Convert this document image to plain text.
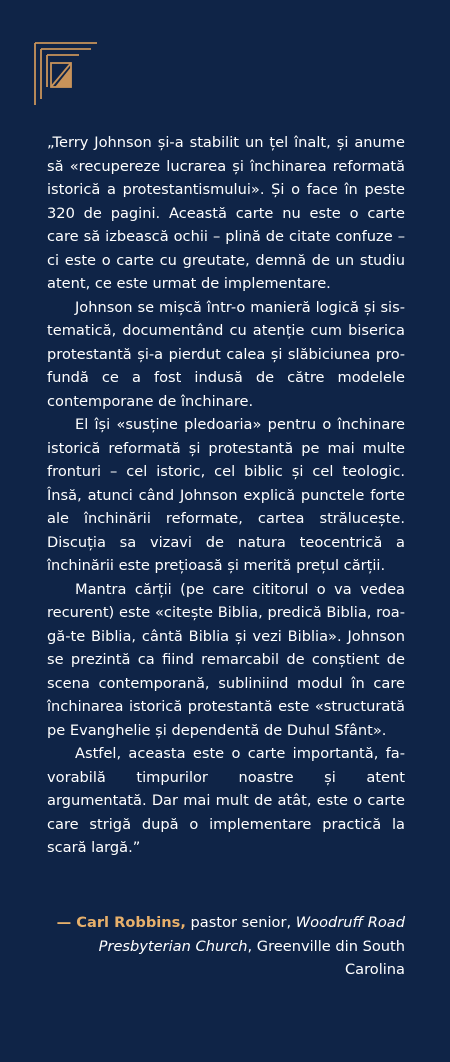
„Terry Johnson și-a stabilit un țel înalt, și anume să «recupereze lucrarea și închinarea reformată istorică a protestantismului». Și o face în peste 320 de pagini. Această carte nu este o carte care să izbească ochii – plină de citate confuze – ci este o carte cu greutate, demnă de un studiu atent, ce este urmat de implementare.

Johnson se mișcă într-o manieră logică și sistematică, documentând cu atenție cum biserica protestantă și-a pierdut calea și slăbiciunea profundă ce a fost indusă de către modelele contemporane de închinare.

El își «susține pledoaria» pentru o închinare istorică reformată și protestantă pe mai multe fronturi – cel istoric, cel biblic și cel teologic. Însă, atunci când Johnson explică punctele forte ale închinării reformate, cartea strălucește. Discuția sa vizavi de natura teocentrică a închinării este prețioasă și merită prețul cărții.

Mantra cărții (pe care cititorul o va vedea recurent) este «citește Biblia, predică Biblia, roagă-te Biblia, cântă Biblia și vezi Biblia». Johnson se prezintă ca fiind remarcabil de conștient de scena contemporană, subliniind modul în care închinarea istorică protestantă este «structurată pe Evanghelie și dependentă de Duhul Sfânt».

Astfel, aceasta este o carte importantă, favorabilă timpurilor noastre și atent argumentată. Dar mai mult de atât, este o carte care strigă după o implementare practică la scară largă.”

— Carl Robbins, pastor senior, Woodruff Road Presbyterian Church, Greenville din South Carolina
